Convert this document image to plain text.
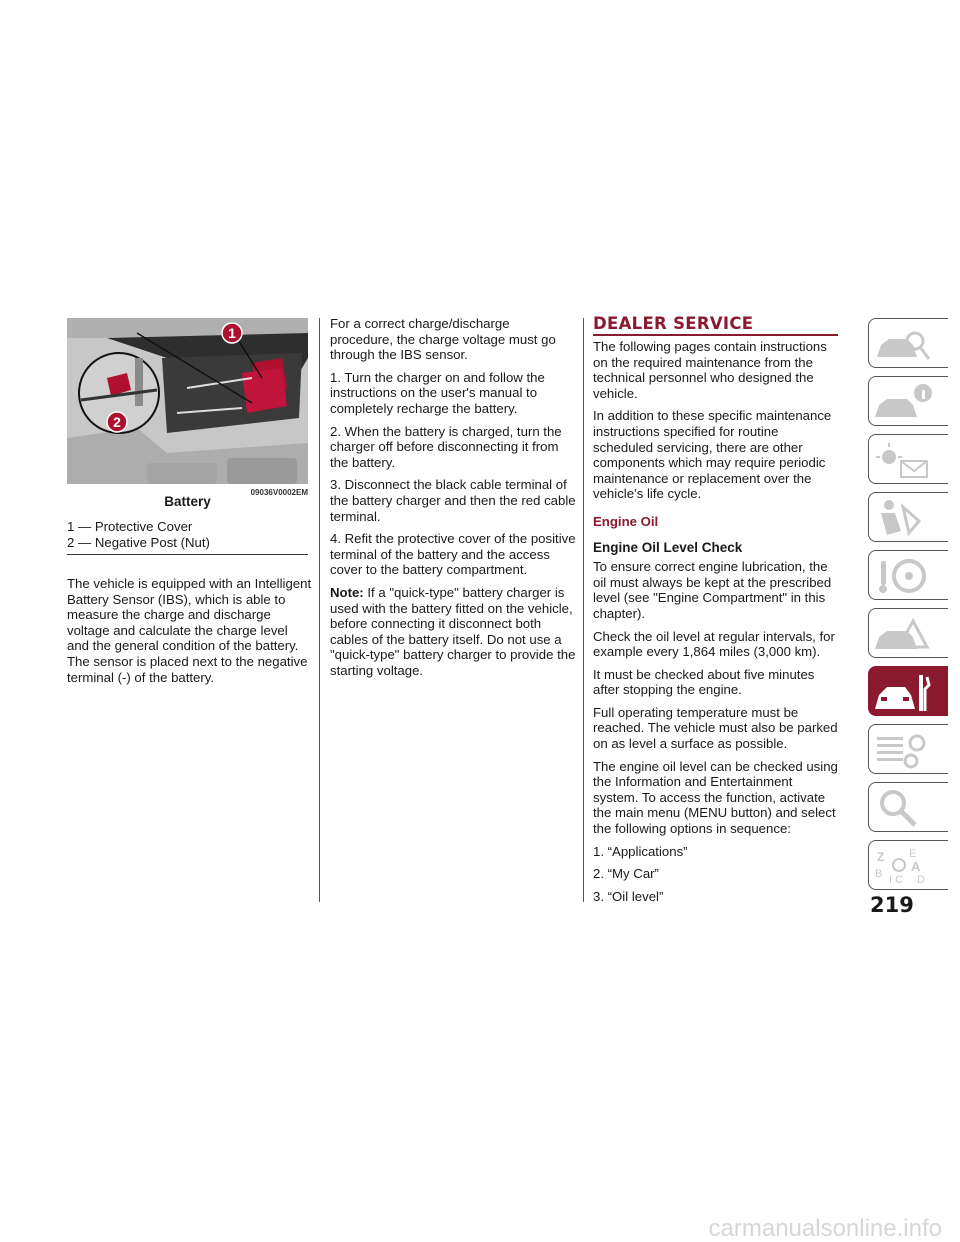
1
2
09036V0002EM
Battery
1 — Protective Cover
2 — Negative Post (Nut)

The vehicle is equipped with an Intelligent Battery Sensor (IBS), which is able to measure the charge and discharge voltage and calculate the charge level and the general condition of the battery. The sensor is placed next to the negative terminal (-) of the battery.

For a correct charge/discharge procedure, the charge voltage must go through the IBS sensor.

1. Turn the charger on and follow the instructions on the user's manual to completely recharge the battery.

2. When the battery is charged, turn the charger off before disconnecting it from the battery.

3. Disconnect the black cable terminal of the battery charger and then the red cable terminal.

4. Refit the protective cover of the positive terminal of the battery and the access cover to the battery compartment.

Note: If a "quick-type" battery charger is used with the battery fitted on the vehicle, before connecting it disconnect both cables of the battery itself. Do not use a "quick-type" battery charger to provide the starting voltage.

DEALER SERVICE

The following pages contain instructions on the required maintenance from the technical personnel who designed the vehicle.

In addition to these specific maintenance instructions specified for routine scheduled servicing, there are other components which may require periodic maintenance or replacement over the vehicle’s life cycle.

Engine Oil
Engine Oil Level Check

To ensure correct engine lubrication, the oil must always be kept at the prescribed level (see "Engine Compartment" in this chapter).

Check the oil level at regular intervals, for example every 1,864 miles (3,000 km).

It must be checked about five minutes after stopping the engine.

Full operating temperature must be reached. The vehicle must also be parked on as level a surface as possible.

The engine oil level can be checked using the Information and Entertainment system. To access the function, activate the main menu (MENU button) and select the following options in sequence:

1. “Applications”

2. “My Car”

3. “Oil level”

Z E
A
B I C D
219
carmanualsonline.info
